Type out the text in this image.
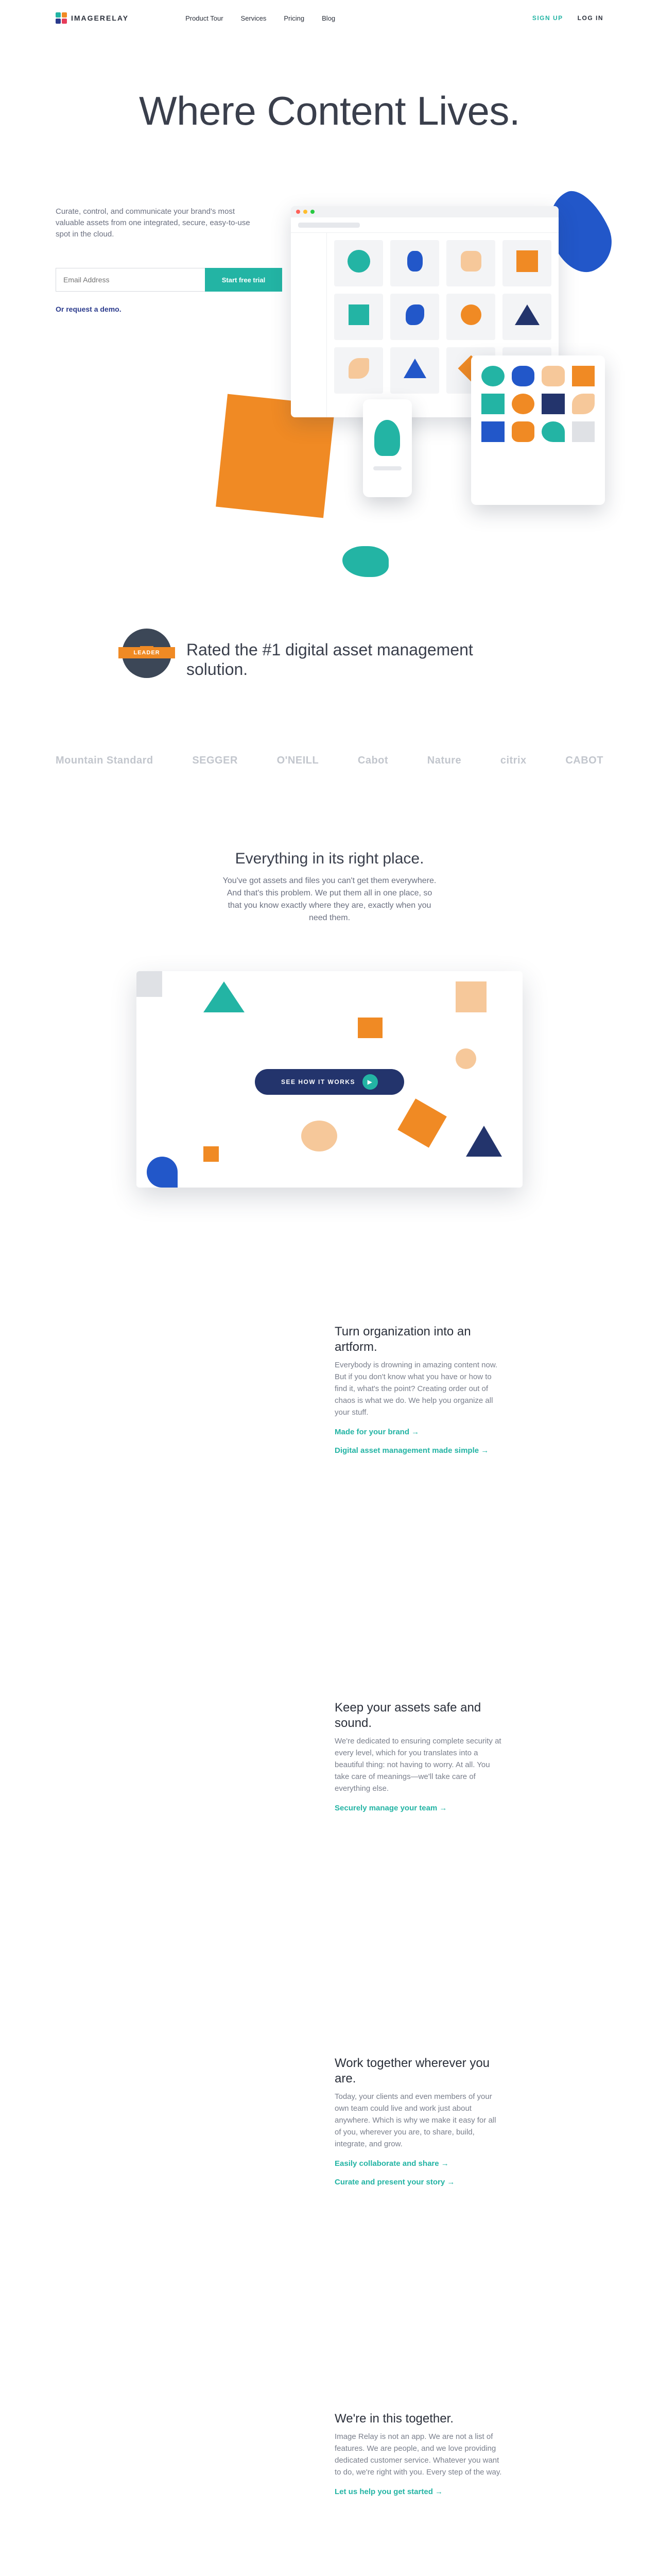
IMAGERELAY	Product Tour	Services	Pricing	Blog	SIGN UP LOG IN
Where Content Lives.

Curate, control, and communicate your brand's most valuable assets from one integrated, secure, easy-to-use spot in the cloud.

Email Address
Start free trial
Or request a demo.
LEADER	Rated the #1 digital asset management solution.
Mountain Standard	SEGGER	O'NEILL	Cabot	Nature	citrix	CABOT
Everything in its right place.

You've got assets and files you can't get them everywhere. And that's this problem. We put them all in one place, so that you know exactly where they are, exactly when you need them.

SEE HOW IT WORKS	▶
Turn organization into an artform.

Everybody is drowning in amazing content now. But if you don't know what you have or how to find it, what's the point? Creating order out of chaos is what we do. We help you organize all your stuff.

Made for your brand →
Digital asset management made simple →
Keep your assets safe and sound.

We're dedicated to ensuring complete security at every level, which for you translates into a beautiful thing: not having to worry. At all. You take care of meanings—we'll take care of everything else.

Securely manage your team →
Work together wherever you are.

Today, your clients and even members of your own team could live and work just about anywhere. Which is why we make it easy for all of you, wherever you are, to share, build, integrate, and grow.

Easily collaborate and share →
Curate and present your story →
We're in this together.

Image Relay is not an app. We are not a list of features. We are people, and we love providing dedicated customer service. Whatever you want to do, we're right with you. Every step of the way.

Let us help you get started →
